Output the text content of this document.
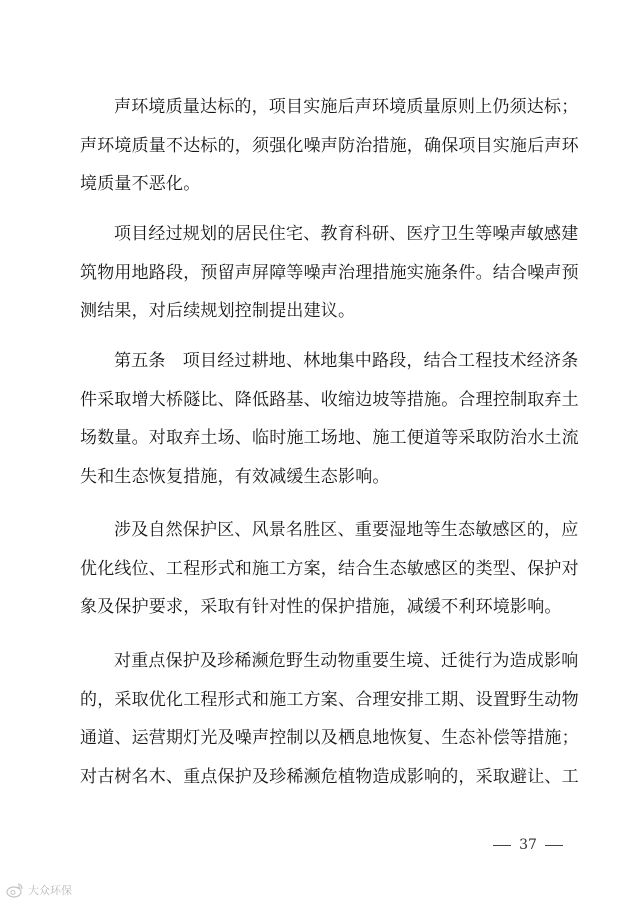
声环境质量达标的，项目实施后声环境质量原则上仍须达标；
声环境质量不达标的，须强化噪声防治措施，确保项目实施后声环
境质量不恶化。
项目经过规划的居民住宅、教育科研、医疗卫生等噪声敏感建
筑物用地路段，预留声屏障等噪声治理措施实施条件。结合噪声预
测结果，对后续规划控制提出建议。
第五条　项目经过耕地、林地集中路段，结合工程技术经济条
件采取增大桥隧比、降低路基、收缩边坡等措施。合理控制取弃土
场数量。对取弃土场、临时施工场地、施工便道等采取防治水土流
失和生态恢复措施，有效减缓生态影响。
涉及自然保护区、风景名胜区、重要湿地等生态敏感区的，应
优化线位、工程形式和施工方案，结合生态敏感区的类型、保护对
象及保护要求，采取有针对性的保护措施，减缓不利环境影响。
对重点保护及珍稀濒危野生动物重要生境、迁徙行为造成影响
的，采取优化工程形式和施工方案、合理安排工期、设置野生动物
通道、运营期灯光及噪声控制以及栖息地恢复、生态补偿等措施；
对古树名木、重点保护及珍稀濒危植物造成影响的，采取避让、工
37
大众环保
